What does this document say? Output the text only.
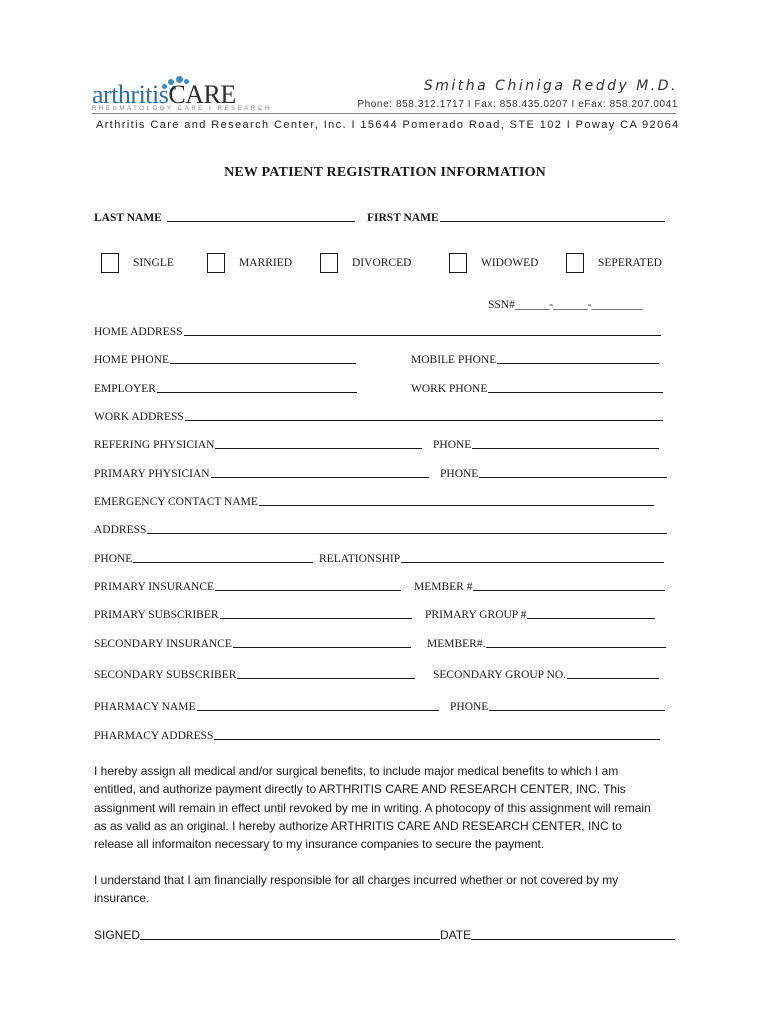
arthritisCARE
RHEUMATOLOGY CARE | RESEARCH
Smitha Chiniga Reddy M.D.
Phone: 858.312.1717 I Fax: 858.435.0207 I eFax: 858.207.0041
Arthritis Care and Research Center, Inc. I 15644 Pomerado Road, STE 102 I Poway CA 92064
NEW PATIENT REGISTRATION INFORMATION
LAST NAME	FIRST NAME
SINGLE	MARRIED	DIVORCED	WIDOWED	SEPERATED
SSN#______-______-_________
HOME ADDRESS
HOME PHONE	MOBILE PHONE
EMPLOYER	WORK PHONE
WORK ADDRESS
REFERING PHYSICIAN	PHONE
PRIMARY PHYSICIAN	PHONE
EMERGENCY CONTACT NAME
ADDRESS
PHONE	RELATIONSHIP
PRIMARY INSURANCE	MEMBER #
PRIMARY SUBSCRIBER	PRIMARY GROUP #
SECONDARY INSURANCE	MEMBER#.
SECONDARY SUBSCRIBER	SECONDARY GROUP NO.
PHARMACY NAME	PHONE
PHARMACY ADDRESS
I hereby assign all medical and/or surgical benefits, to include major medical benefits to which I am entitled, and authorize payment directly to ARTHRITIS CARE AND RESEARCH CENTER, INC. This assignment will remain in effect until revoked by me in writing. A photocopy of this assignment will remain as as valid as an original. I hereby authorize ARTHRITIS CARE AND RESEARCH CENTER, INC to release all informaiton necessary to my insurance companies to secure the payment.
I understand that I am financially responsible for all charges incurred whether or not covered by my insurance.
SIGNED	DATE
